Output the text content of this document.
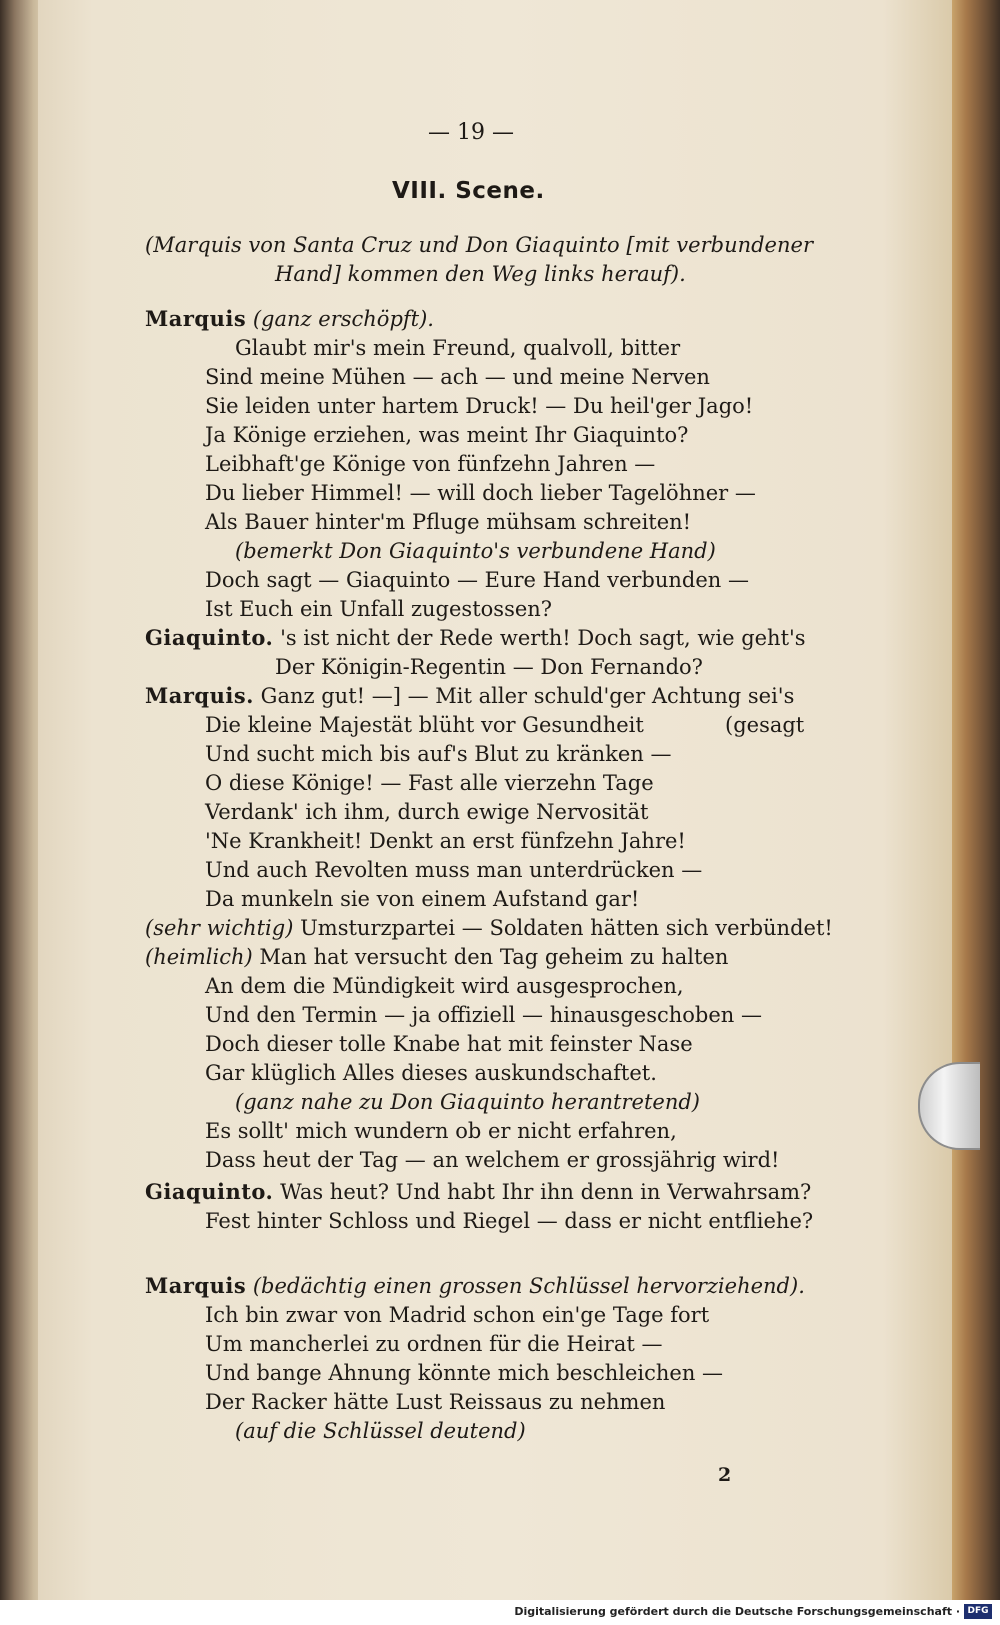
— 19 —

VIII. Scene.

(Marquis von Santa Cruz und Don Giaquinto [mit verbundener

Hand] kommen den Weg links herauf).

Marquis (ganz erschöpft).

Glaubt mir's mein Freund, qualvoll, bitter

Sind meine Mühen — ach — und meine Nerven

Sie leiden unter hartem Druck! — Du heil'ger Jago!

Ja Könige erziehen, was meint Ihr Giaquinto?

Leibhaft'ge Könige von fünfzehn Jahren —

Du lieber Himmel! — will doch lieber Tagelöhner —

Als Bauer hinter'm Pfluge mühsam schreiten!

(bemerkt Don Giaquinto's verbundene Hand)

Doch sagt — Giaquinto — Eure Hand verbunden —

Ist Euch ein Unfall zugestossen?

Giaquinto. 's ist nicht der Rede werth! Doch sagt, wie geht's

Der Königin-Regentin — Don Fernando?

Marquis. Ganz gut! —] — Mit aller schuld'ger Achtung sei's

Die kleine Majestät blüht vor Gesundheit	(gesagt

Und sucht mich bis auf's Blut zu kränken —

O diese Könige! — Fast alle vierzehn Tage

Verdank' ich ihm, durch ewige Nervosität

'Ne Krankheit! Denkt an erst fünfzehn Jahre!

Und auch Revolten muss man unterdrücken —

Da munkeln sie von einem Aufstand gar!

(sehr wichtig) Umsturzpartei — Soldaten hätten sich verbündet!

(heimlich) Man hat versucht den Tag geheim zu halten

An dem die Mündigkeit wird ausgesprochen,

Und den Termin — ja offiziell — hinausgeschoben —

Doch dieser tolle Knabe hat mit feinster Nase

Gar klüglich Alles dieses auskundschaftet.

(ganz nahe zu Don Giaquinto herantretend)

Es sollt' mich wundern ob er nicht erfahren,

Dass heut der Tag — an welchem er grossjährig wird!

Giaquinto. Was heut? Und habt Ihr ihn denn in Verwahrsam?

Fest hinter Schloss und Riegel — dass er nicht entfliehe?

Marquis (bedächtig einen grossen Schlüssel hervorziehend).

Ich bin zwar von Madrid schon ein'ge Tage fort

Um mancherlei zu ordnen für die Heirat —

Und bange Ahnung könnte mich beschleichen —

Der Racker hätte Lust Reissaus zu nehmen

(auf die Schlüssel deutend)

2

Digitalisierung gefördert durch die Deutsche Forschungsgemeinschaft · DFG
